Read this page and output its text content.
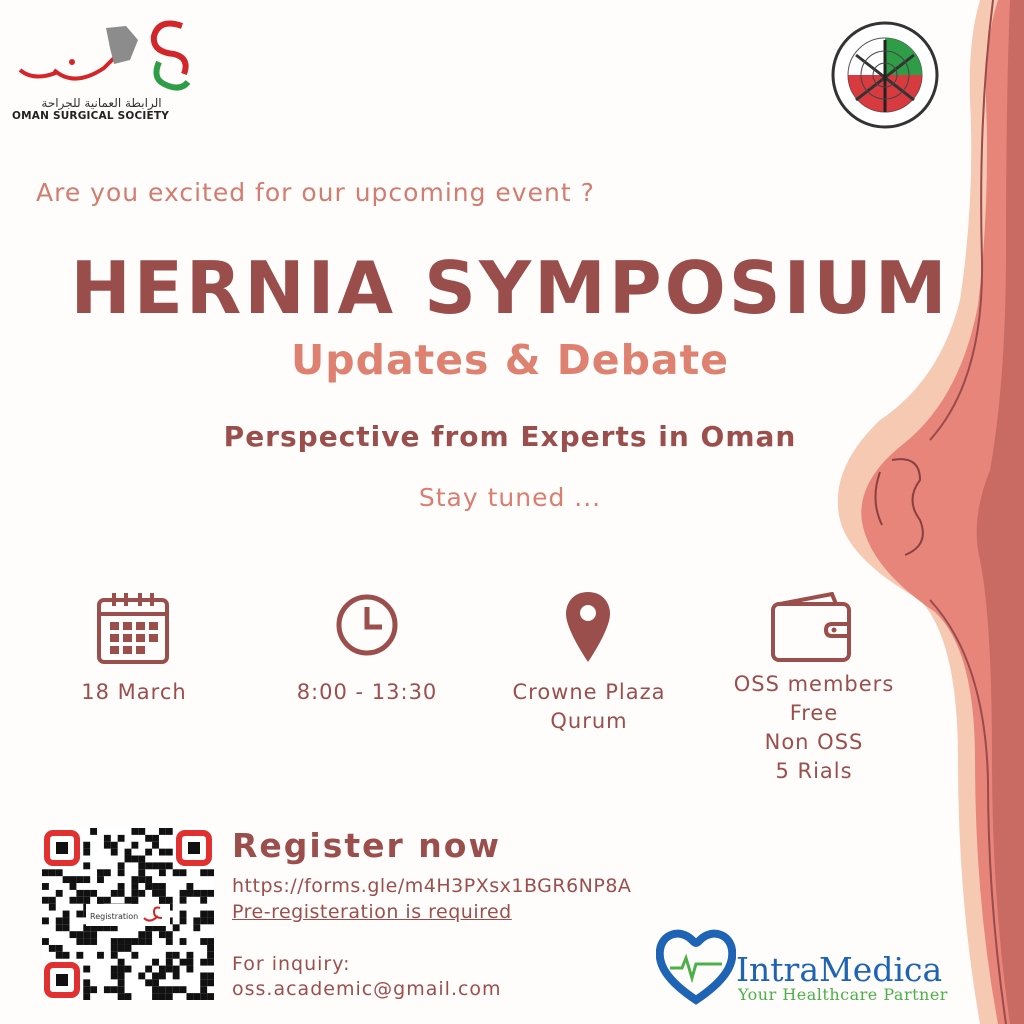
الرابطة العمانية للجراحة
OMAN SURGICAL SOCIETY
Are you excited for our upcoming event ?
HERNIA SYMPOSIUM
Updates & Debate
Perspective from Experts in Oman
Stay tuned ...
18 March	8:00 - 13:30	Crowne Plaza
Qurum
OSS members
Free
Non OSS
5 Rials
Registration
Register now
https://forms.gle/m4H3PXsx1BGR6NP8A
Pre-registeration is required
For inquiry:
oss.academic@gmail.com	IntraMedica
Your Healthcare Partner
